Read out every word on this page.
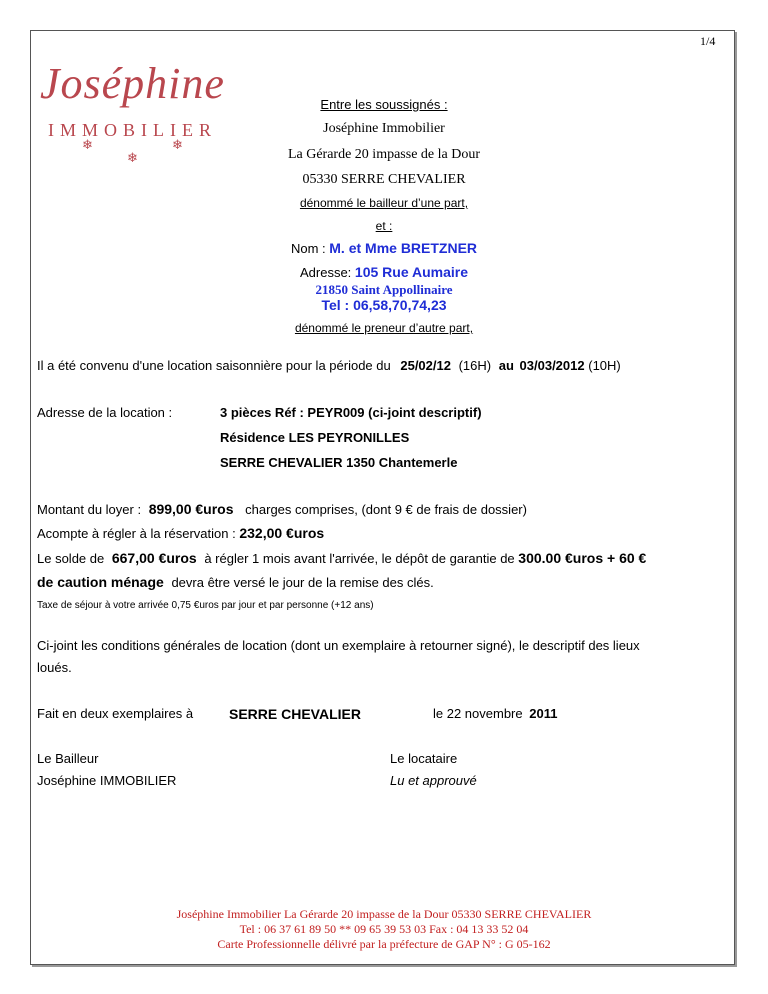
1/4
Joséphine
IMMOBILIER
❄	❄
❄
Entre les soussignés :
Joséphine Immobilier
La Gérarde 20 impasse de la Dour
05330 SERRE CHEVALIER
dénommé le bailleur d’une part,
et :
Nom : M. et Mme BRETZNER
Adresse: 105 Rue Aumaire
21850 Saint Appollinaire
Tel : 06,58,70,74,23
dénommé le preneur d’autre part,
Il a été convenu d'une location saisonnière pour la période du 25/02/12 (16H) au 03/03/2012 (10H)
Adresse de la location :	3 pièces Réf : PEYR009 (ci-joint descriptif)
Résidence LES PEYRONILLES
SERRE CHEVALIER 1350 Chantemerle
Montant du loyer : 899,00 €uros charges comprises, (dont 9 € de frais de dossier)
Acompte à régler à la réservation : 232,00 €uros
Le solde de 667,00 €uros à régler 1 mois avant l'arrivée, le dépôt de garantie de 300.00 €uros + 60 €
de caution ménage devra être versé le jour de la remise des clés.
Taxe de séjour à votre arrivée 0,75 €uros par jour et par personne (+12 ans)
Ci-joint les conditions générales de location (dont un exemplaire à retourner signé), le descriptif des lieux
loués.
Fait en deux exemplaires à	SERRE CHEVALIER	le 22 novembre 2011
Le Bailleur	Le locataire
Joséphine IMMOBILIER	Lu et approuvé
Joséphine Immobilier La Gérarde 20 impasse de la Dour 05330 SERRE CHEVALIER
Tel : 06 37 61 89 50 ** 09 65 39 53 03 Fax : 04 13 33 52 04
Carte Professionnelle délivré par la préfecture de GAP N° : G 05-162
